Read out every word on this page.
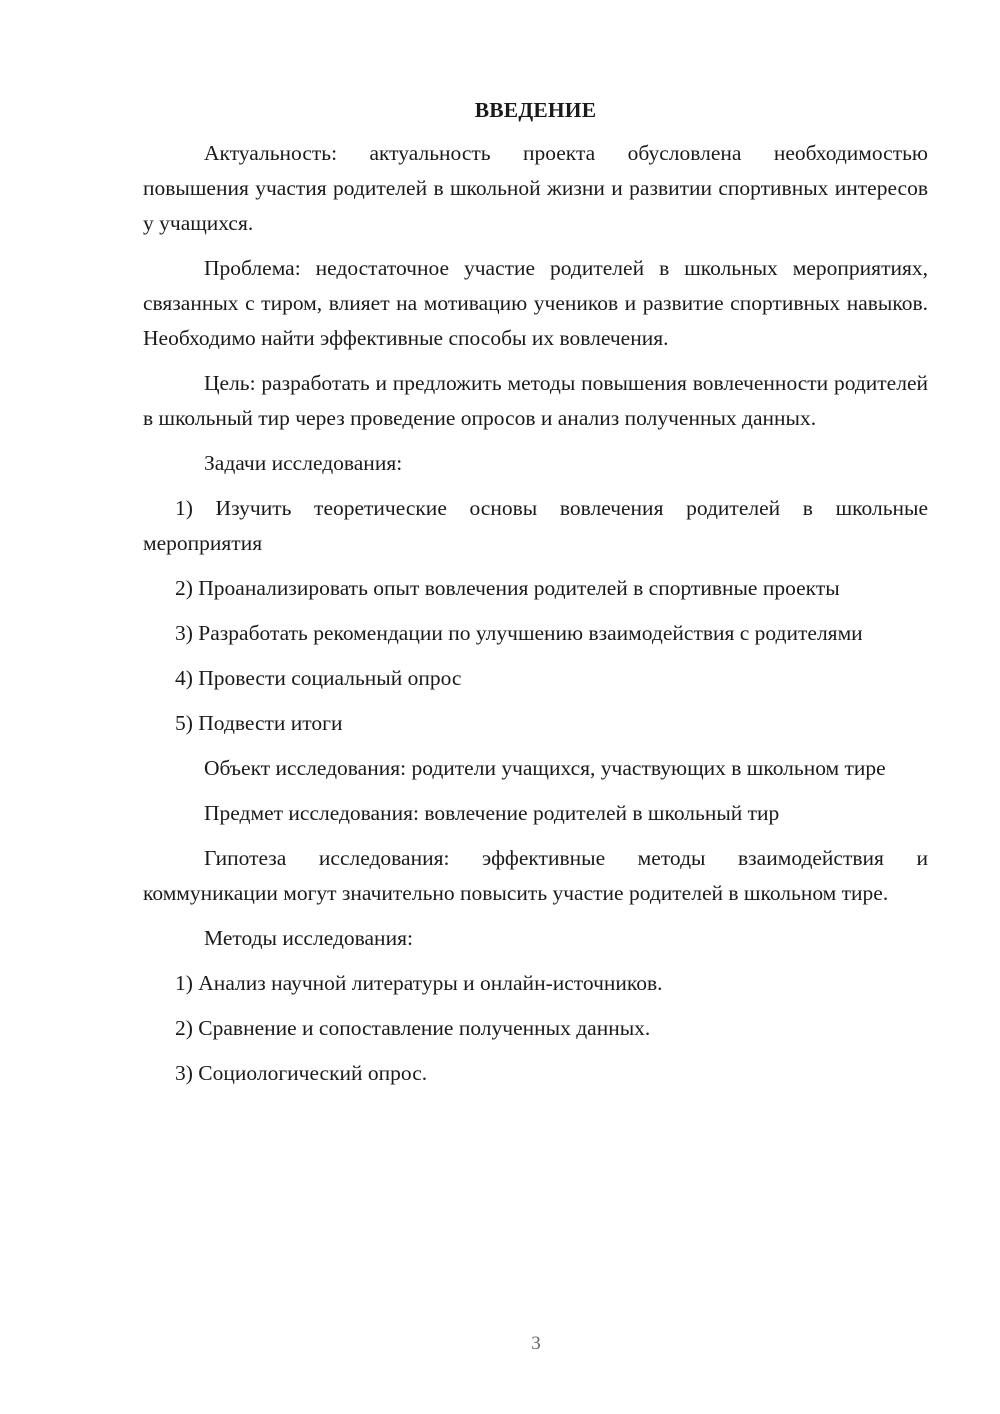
ВВЕДЕНИЕ

Актуальность: актуальность проекта обусловлена необходимостью повышения участия родителей в школьной жизни и развитии спортивных интересов у учащихся.

Проблема: недостаточное участие родителей в школьных мероприятиях, связанных с тиром, влияет на мотивацию учеников и развитие спортивных навыков. Необходимо найти эффективные способы их вовлечения.

Цель: разработать и предложить методы повышения вовлеченности родителей в школьный тир через проведение опросов и анализ полученных данных.

Задачи исследования:

1) Изучить теоретические основы вовлечения родителей в школьные мероприятия

2) Проанализировать опыт вовлечения родителей в спортивные проекты

3) Разработать рекомендации по улучшению взаимодействия с родителями

4) Провести социальный опрос

5) Подвести итоги

Объект исследования: родители учащихся, участвующих в школьном тире

Предмет исследования: вовлечение родителей в школьный тир

Гипотеза исследования: эффективные методы взаимодействия и коммуникации могут значительно повысить участие родителей в школьном тире.

Методы исследования:

1) Анализ научной литературы и онлайн-источников.

2) Сравнение и сопоставление полученных данных.

3) Социологический опрос.

3
